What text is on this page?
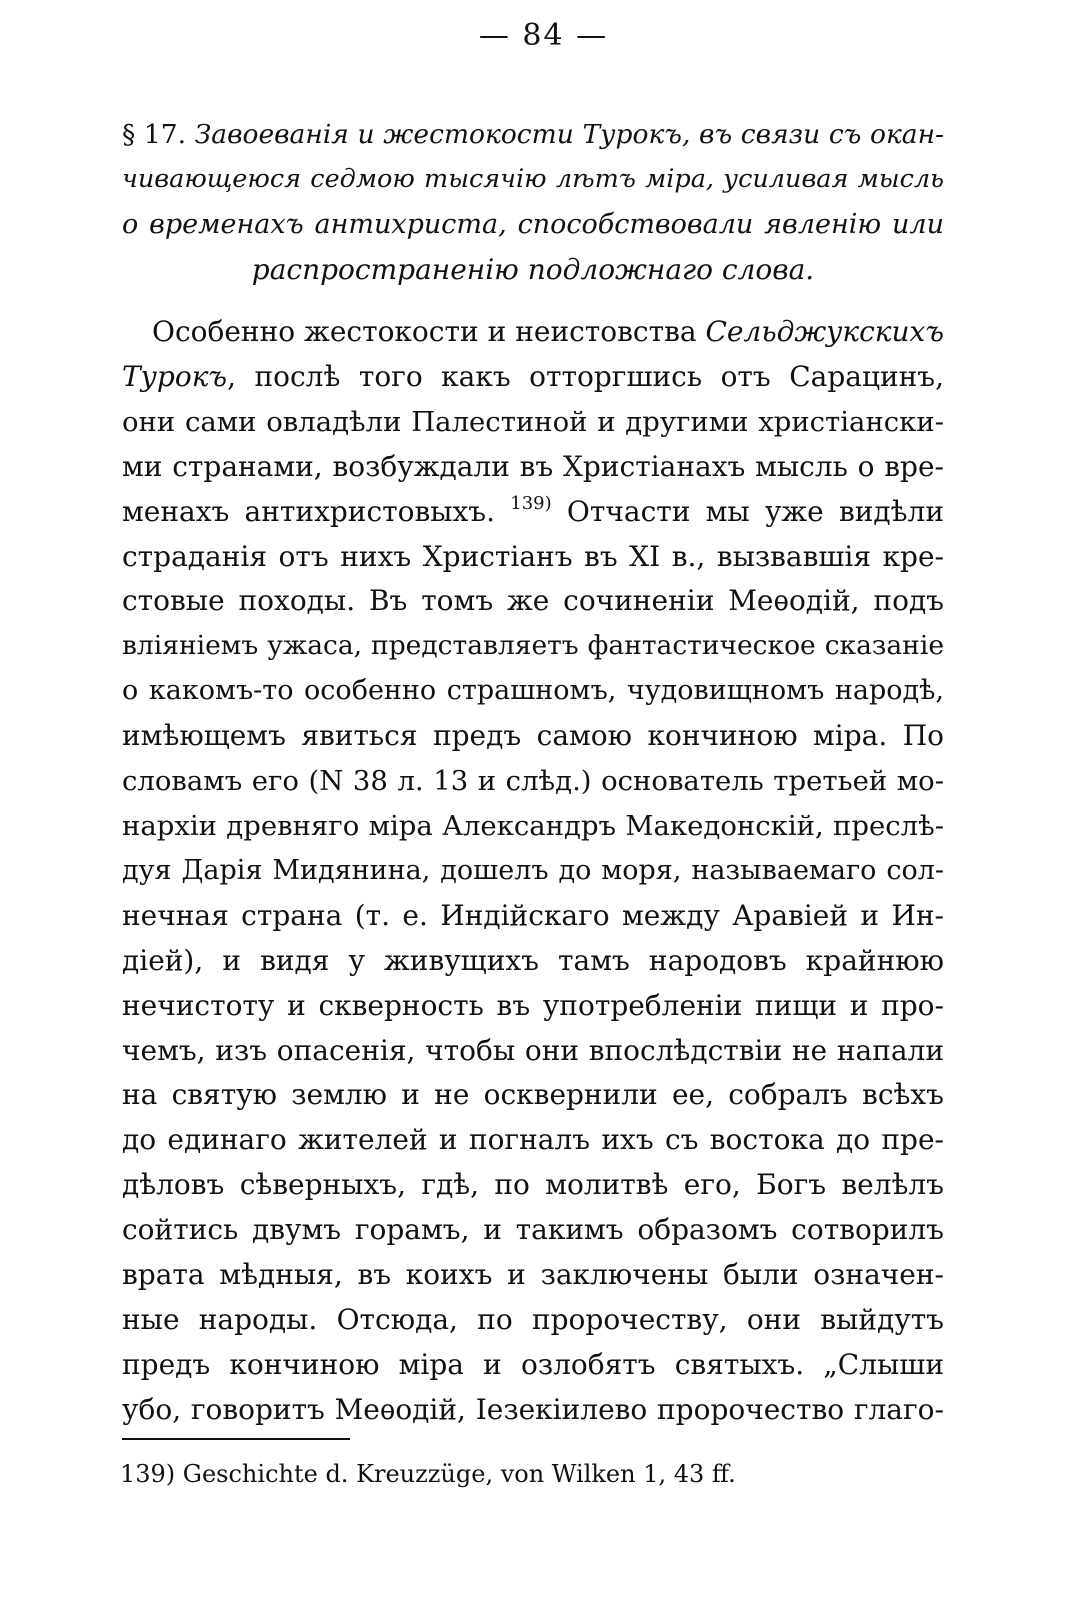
— 84 —
§ 17. Завоеванія и жестокости Турокъ, въ связи съ окан-
чивающеюся седмою тысячію лѣтъ міра, усиливая мысль
о временахъ антихриста, способствовали явленію или
распространенію подложнаго слова.
Особенно жестокости и неистовства Сельджукскихъ
Турокъ, послѣ того какъ отторгшись отъ Сарацинъ,
они сами овладѣли Палестиной и другими христіански-
ми странами, возбуждали въ Христіанахъ мысль о вре-
менахъ антихристовыхъ. $^{139)}$ Отчасти мы уже видѣли
страданія отъ нихъ Христіанъ въ XI в., вызвавшія кре-
стовые походы. Въ томъ же сочиненіи Меѳодій, подъ
вліяніемъ ужаса, представляетъ фантастическое сказаніе
о какомъ-то особенно страшномъ, чудовищномъ народѣ,
имѣющемъ явиться предъ самою кончиною міра. По
словамъ его (N 38 л. 13 и слѣд.) основатель третьей мо-
нархіи древняго міра Александръ Македонскій, преслѣ-
дуя Дарія Мидянина, дошелъ до моря, называемаго сол-
нечная страна (т. е. Индійскаго между Аравіей и Ин-
діей), и видя у живущихъ тамъ народовъ крайнюю
нечистоту и скверность въ употребленіи пищи и про-
чемъ, изъ опасенія, чтобы они впослѣдствіи не напали
на святую землю и не осквернили ее, собралъ всѣхъ
до единаго жителей и погналъ ихъ съ востока до пре-
дѣловъ сѣверныхъ, гдѣ, по молитвѣ его, Богъ велѣлъ
сойтись двумъ горамъ, и такимъ образомъ сотворилъ
врата мѣдныя, въ коихъ и заключены были означен-
ные народы. Отсюда, по пророчеству, они выйдутъ
предъ кончиною міра и озлобятъ святыхъ. „Слыши
убо, говоритъ Меѳодій, Іезекіилево пророчество глаго-
139) Geschichte d. Kreuzzüge, von Wilken 1, 43 ff.
